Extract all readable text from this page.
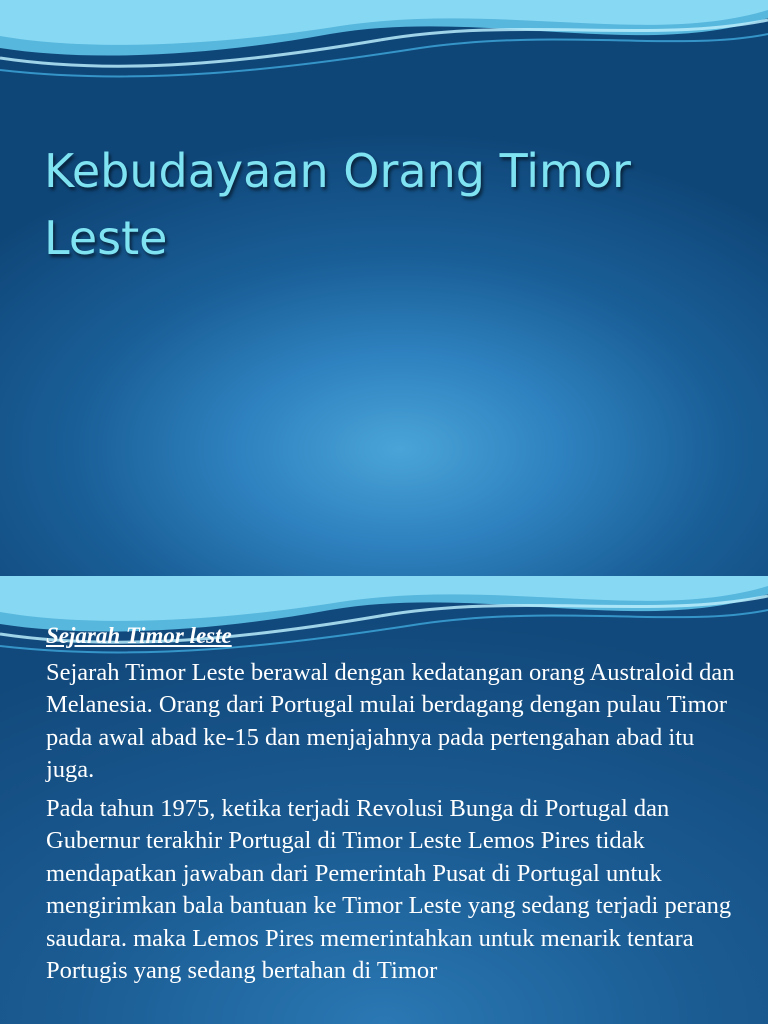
Kebudayaan Orang Timor Leste

Sejarah Timor leste

Sejarah Timor Leste berawal dengan kedatangan orang Australoid dan Melanesia. Orang dari Portugal mulai berdagang dengan pulau Timor pada awal abad ke-15 dan menjajahnya pada pertengahan abad itu juga.

Pada tahun 1975, ketika terjadi Revolusi Bunga di Portugal dan Gubernur terakhir Portugal di Timor Leste Lemos Pires tidak mendapatkan jawaban dari Pemerintah Pusat di Portugal untuk mengirimkan bala bantuan ke Timor Leste yang sedang terjadi perang saudara. maka Lemos Pires memerintahkan untuk menarik tentara Portugis yang sedang bertahan di Timor
